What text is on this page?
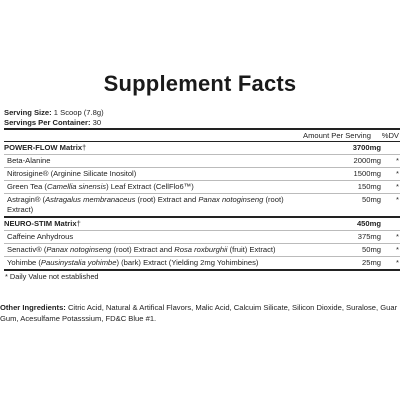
Supplement Facts
Serving Size: 1 Scoop (7.8g)
Servings Per Container: 30
Amount Per Serving	%DV
POWER-FLOW Matrix†	3700mg
Beta-Alanine	2000mg	*
Nitrosigine® (Arginine Silicate Inositol)	1500mg	*
Green Tea (Camellia sinensis) Leaf Extract (CellFlo6™)	150mg	*
Astragin® (Astragalus membranaceus (root) Extract and Panax notoginseng (root) Extract)
50mg	*
NEURO-STIM Matrix†	450mg
Caffeine Anhydrous	375mg	*
Senactiv® (Panax notoginseng (root) Extract and Rosa roxburghii (fruit) Extract)	50mg	*
Yohimbe (Pausinystalia yohimbe) (bark) Extract (Yielding 2mg Yohimbines)	25mg	*
* Daily Value not established
Other Ingredients: Citric Acid, Natural & Artifical Flavors, Malic Acid, Calcuim Silicate, Silicon Dioxide, Suralose, Guar Gum, Acesulfame Potasssium, FD&C Blue #1.
